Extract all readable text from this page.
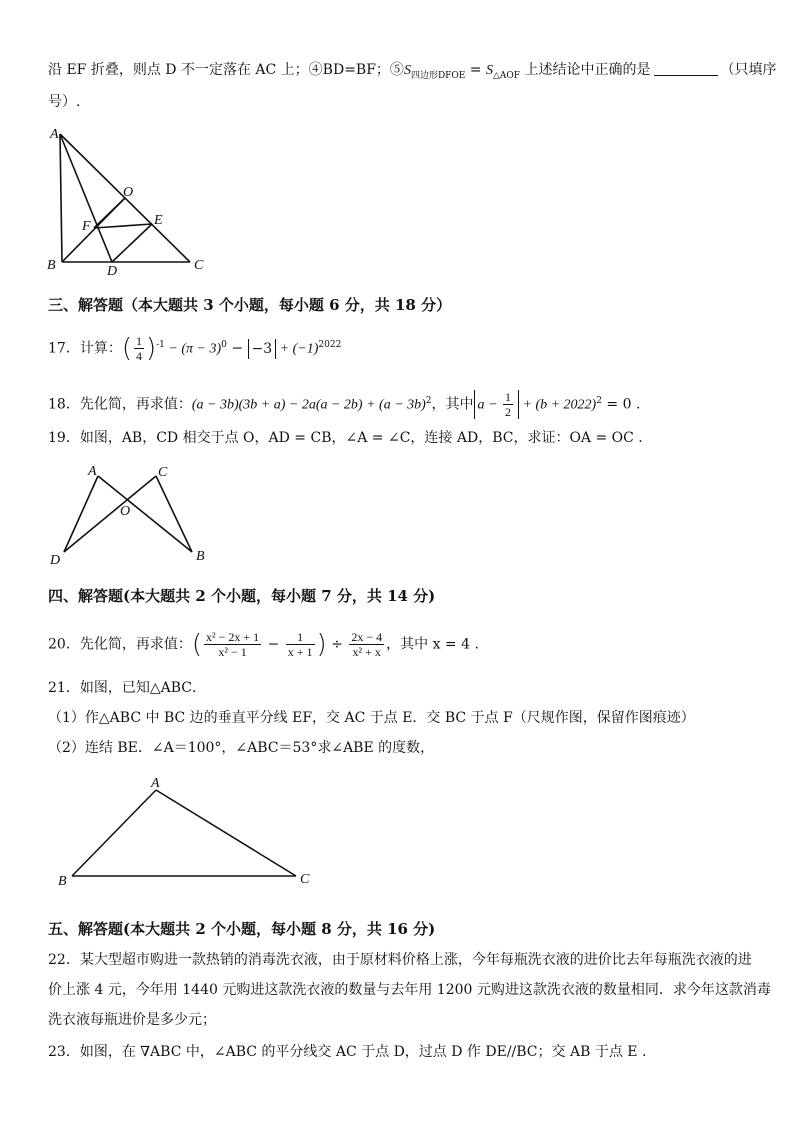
沿 EF 折叠，则点 D 不一定落在 AC 上；④BD=BF；$⑤S_{四边形DFOE} = S_{\triangle AOF}$ 上述结论中正确的是	（只填序
号）.
A
B	C
D
E
F
O
三、解答题（本大题共 3 个小题，每小题 6 分，共 18 分）
17．计算：( $\frac{1}{4} )^{-1} - (\pi - 3)^0 - -3 + (-1)^{2022}$
18．先化简，再求值：$(a - 3b)(3b + a) - 2a(a - 2b) + (a - 3b)^2$，其中 $a - \frac{1}{2} + (b + 2022)^2 = 0$ .
19．如图，AB，CD 相交于点 O，AD = CB，∠A = ∠C，连接 AD，BC，求证：OA = OC .
A	C
O
D	B
四、解答题(本大题共 2 个小题，每小题 7 分，共 14 分)
20．先化简，再求值：( $\frac{\text{x² − 2x + 1}}{\text{x² − 1}} - \frac{1}{x + 1}$ ) ÷ $\frac{2x - 4}{\text{x² + x}}$ ，其中 x = 4 .
21．如图，已知△ABC．
（1）作△ABC 中 BC 边的垂直平分线 EF，交 AC 于点 E．交 BC 于点 F（尺规作图，保留作图痕迹）
（2）连结 BE．∠A＝100°，∠ABC＝53°求∠ABE 的度数，
A
B	C
五、解答题(本大题共 2 个小题，每小题 8 分，共 16 分)
22．某大型超市购进一款热销的消毒洗衣液，由于原材料价格上涨，今年每瓶洗衣液的进价比去年每瓶洗衣液的进
价上涨 4 元，今年用 1440 元购进这款洗衣液的数量与去年用 1200 元购进这款洗衣液的数量相同．求今年这款消毒
洗衣液每瓶进价是多少元；
23．如图，在 ∇ABC 中，∠ABC 的平分线交 AC 于点 D，过点 D 作 DE//BC；交 AB 于点 E .
